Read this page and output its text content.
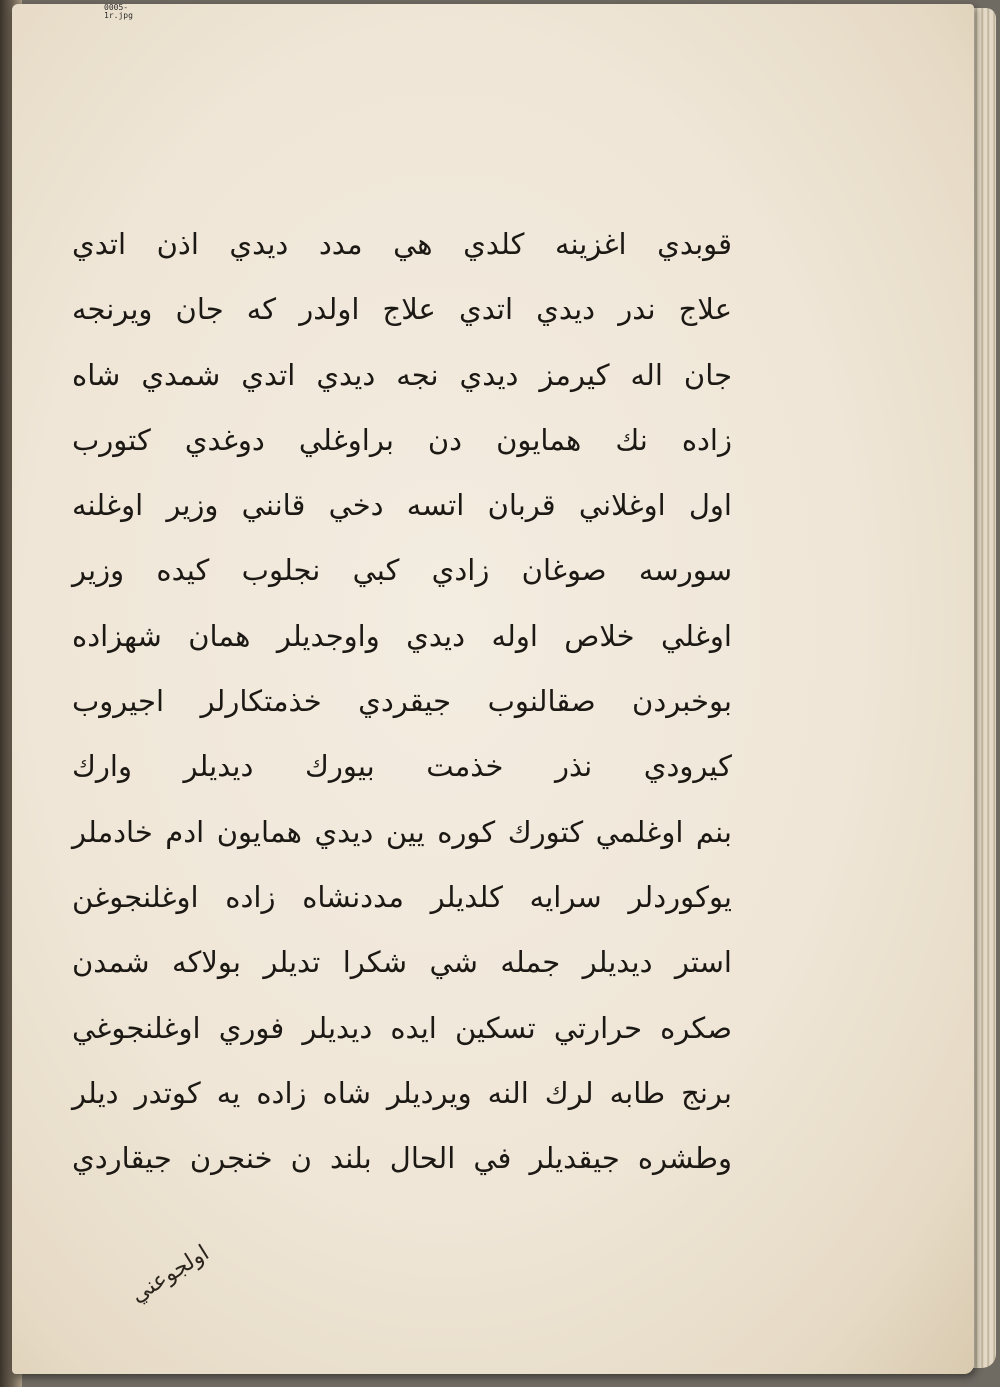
0005-1r.jpg
قوبدي اغزينه كلدي هي مدد ديدي اذن اتدي
علاج ندر ديدي اتدي علاج اولدر كه جان ويرنجه
جان اله كيرمز ديدي نجه ديدي اتدي شمدي شاه
زاده نك همايون دن براوغلي دوغدي كتورب
اول اوغلاني قربان اتسه دخي قانني وزير اوغلنه
سورسه صوغان زادي كبي نجلوب كيده وزير
اوغلي خلاص اوله ديدي واوجديلر همان شهزاده
بوخبردن صقالنوب جيقردي خذمتكارلر اجيروب
كيرودي نذر خذمت بيورك ديديلر وارك
بنم اوغلمي كتورك كوره يين ديدي همايون ادم خادملر
يوكوردلر سرايه كلديلر مددنشاه زاده اوغلنجوغن
استر ديديلر جمله شي شكرا تديلر بولاكه شمدن
صكره حرارتي تسكين ايده ديديلر فوري اوغلنجوغي
برنج طابه لرك النه ويرديلر شاه زاده يه كوتدر ديلر
وطشره جيقديلر في الحال بلند ن خنجرن جيقاردي
اولجوعني
